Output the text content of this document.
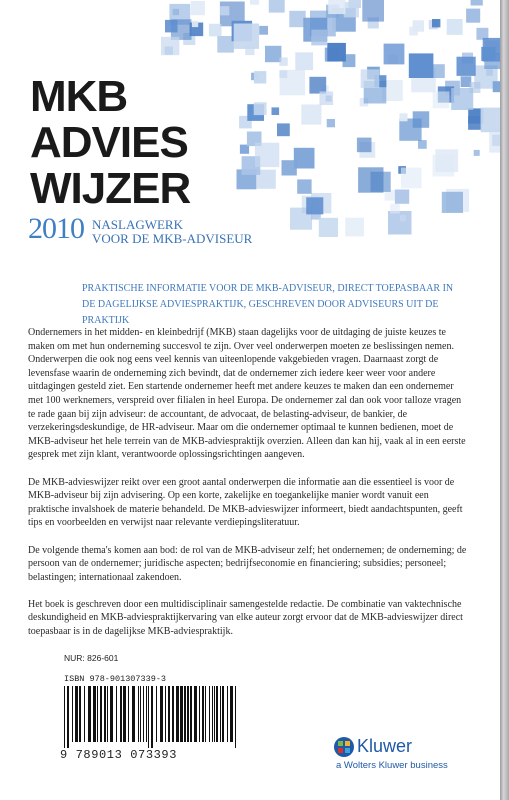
MKB
ADVIES
WIJZER
2010 NASLAGWERK
VOOR DE MKB-ADVISEUR
PRAKTISCHE INFORMATIE VOOR DE MKB-ADVISEUR, DIRECT TOEPASBAAR IN DE DAGELIJKSE ADVIESPRAKTIJK, GESCHREVEN DOOR ADVISEURS UIT DE PRAKTIJK

Ondernemers in het midden- en kleinbedrijf (MKB) staan dagelijks voor de uitdaging de juiste keuzes te maken om met hun onderneming succesvol te zijn. Over veel onderwerpen moeten ze beslissingen nemen. Onderwerpen die ook nog eens veel kennis van uiteenlopende vakgebieden vragen. Daarnaast zorgt de levensfase waarin de onderneming zich bevindt, dat de ondernemer zich iedere keer weer voor andere uitdagingen gesteld ziet. Een startende ondernemer heeft met andere keuzes te maken dan een ondernemer met 100 werknemers, verspreid over filialen in heel Europa. De ondernemer zal dan ook voor talloze vragen te rade gaan bij zijn adviseur: de accountant, de advocaat, de belasting-adviseur, de bankier, de verzekeringsdeskundige, de HR-adviseur. Maar om die ondernemer optimaal te kunnen bedienen, moet de MKB-adviseur het hele terrein van de MKB-adviespraktijk overzien. Alleen dan kan hij, vaak al in een eerste gesprek met zijn klant, verantwoorde oplossingsrichtingen aangeven.

De MKB-advieswijzer reikt over een groot aantal onderwerpen die informatie aan die essentieel is voor de MKB-adviseur bij zijn advisering. Op een korte, zakelijke en toegankelijke manier wordt vanuit een praktische invalshoek de materie behandeld. De MKB-advieswijzer informeert, biedt aandachtspunten, geeft tips en voorbeelden en verwijst naar relevante verdiepingsliteratuur.

De volgende thema's komen aan bod: de rol van de MKB-adviseur zelf; het ondernemen; de onderneming; de persoon van de ondernemer; juridische aspecten; bedrijfseconomie en financiering; subsidies; personeel; belastingen; internationaal zakendoen.

Het boek is geschreven door een multidisciplinair samengestelde redactie. De combinatie van vaktechnische deskundigheid en MKB-adviespraktijkervaring van elke auteur zorgt ervoor dat de MKB-advieswijzer direct toepasbaar is in de dagelijkse MKB-adviespraktijk.

NUR: 826-601
ISBN 978-901307339-3
9 789013 073393	Kluwer
a Wolters Kluwer business
